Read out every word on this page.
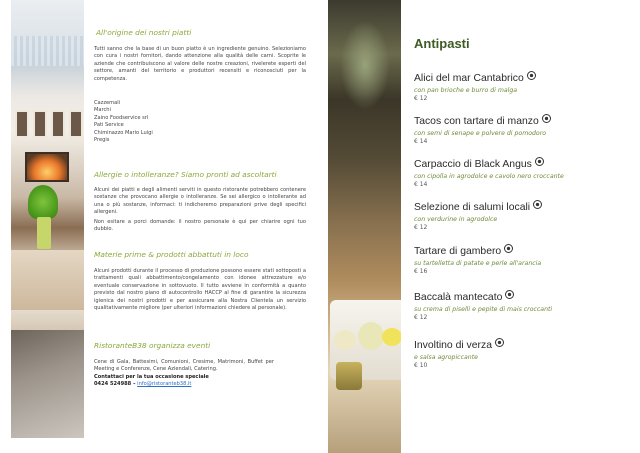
All'origine dei nostri piatti

Tutti sanno che la base di un buon piatto è un ingrediente genuino. Selezioniamo con cura i nostri fornitori, dando attenzione alla qualità delle carni. Scoprite le aziende che contribuiscono al valore delle nostre creazioni, rivelerete esperti del settore, amanti del territorio e produttori recensiti e riconosciuti per la competenza.

Cazzemali

Marchi

Zaino Foodservice srl

Pati Service

Chiminazzo Mario Luigi

Pregis

Allergie o intolleranze? Siamo pronti ad ascoltarti

Alcuni dei piatti e degli alimenti serviti in questo ristorante potrebbero contenere sostanze che provocano allergie o intolleranze. Se sei allergico o intollerante ad una o più sostanze, informaci: ti indicheremo preparazioni prive degli specifici allergeni.

Non esitare a porci domande: il nostro personale è qui per chiarire ogni tuo dubbio.

Materie prime & prodotti abbattuti in loco

Alcuni prodotti durante il processo di produzione possono essere stati sottoposti a trattamenti quali abbattimento/congelamento con idonee attrezzature e/o eventuale conservazione in sottovuoto. Il tutto avviene in conformità a quanto previsto dal nostro piano di autocontrollo HACCP al fine di garantire la sicurezza igienica dei nostri prodotti e per assicurare alla Nostra Clientela un servizio qualitativamente migliore (per ulteriori informazioni chiedere al personale).

RistoranteB38 organizza eventi

Cene di Gala, Battesimi, Comunioni, Cresime, Matrimoni, Buffet per Meeting e Conferenze, Cene Aziendali, Catering.

Contattaci per la tua occasione speciale

0424 524988 – info@ristoranteb38.it

Antipasti
Alici del mar Cantabrico
con pan brioche e burro di malga
€ 12
Tacos con tartare di manzo
con semi di senape e polvere di pomodoro
€ 14
Carpaccio di Black Angus
con cipolla in agrodolce e cavolo nero croccante
€ 14
Selezione di salumi locali
con verdurine in agrodolce
€ 12
Tartare di gambero
su tartelletta di patate e perle all'arancia
€ 16
Baccalà mantecato
su crema di piselli e pepite di mais croccanti
€ 12
Involtino di verza
e salsa agropiccante
€ 10
